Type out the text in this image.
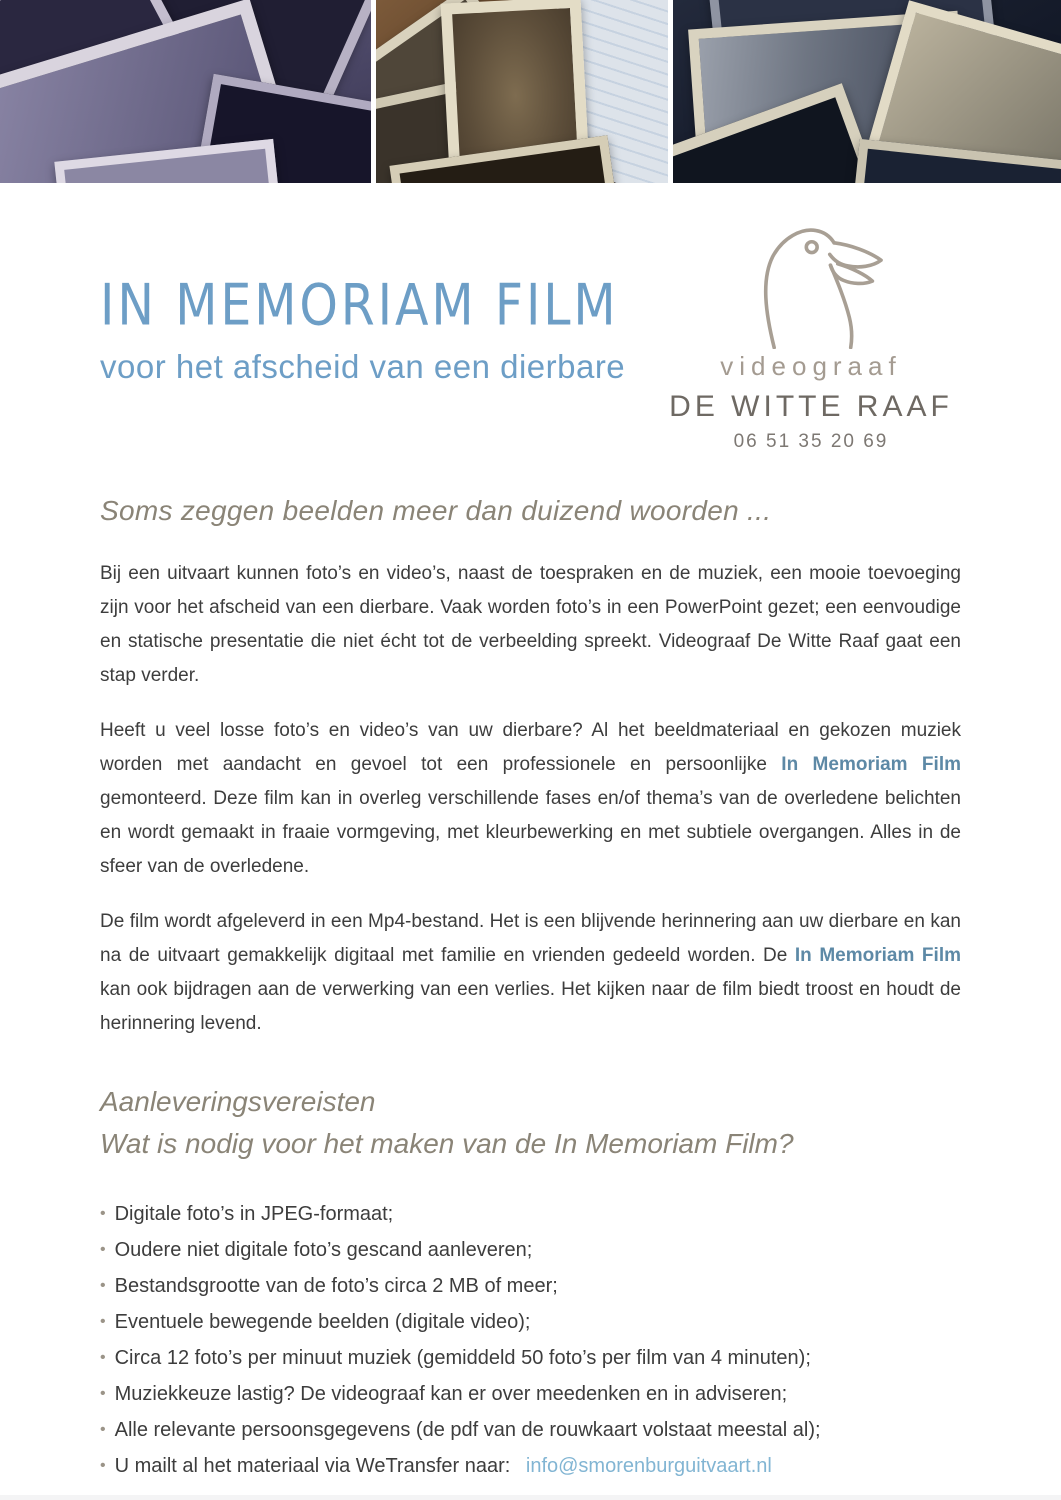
IN MEMORIAM FILM
voor het afscheid van een dierbare	videograaf
DE WITTE RAAF
06 51 35 20 69

Soms zeggen beelden meer dan duizend woorden ...

Bij een uitvaart kunnen foto’s en video’s, naast de toespraken en de muziek, een mooie toevoeging zijn voor het afscheid van een dierbare. Vaak worden foto’s in een PowerPoint gezet; een eenvoudige en statische presentatie die niet écht tot de verbeelding spreekt. Videograaf De Witte Raaf gaat een stap verder.

Heeft u veel losse foto’s en video’s van uw dierbare? Al het beeldmateriaal en gekozen muziek worden met aandacht en gevoel tot een professionele en persoonlijke In Memoriam Film gemonteerd. Deze film kan in overleg verschillende fases en/of thema’s van de overledene belichten en wordt gemaakt in fraaie vormgeving, met kleurbewerking en met subtiele overgangen. Alles in de sfeer van de overledene.

De film wordt afgeleverd in een Mp4-bestand. Het is een blijvende herinnering aan uw dierbare en kan na de uitvaart gemakkelijk digitaal met familie en vrienden gedeeld worden. De In Memoriam Film kan ook bijdragen aan de verwerking van een verlies. Het kijken naar de film biedt troost en houdt de herinnering levend.

Aanleveringsvereisten
Wat is nodig voor het maken van de In Memoriam Film?
• Digitale foto’s in JPEG-formaat;
• Oudere niet digitale foto’s gescand aanleveren;
• Bestandsgrootte van de foto’s circa 2 MB of meer;
• Eventuele bewegende beelden (digitale video);
• Circa 12 foto’s per minuut muziek (gemiddeld 50 foto’s per film van 4 minuten);
• Muziekkeuze lastig? De videograaf kan er over meedenken en in adviseren;
• Alle relevante persoonsgegevens (de pdf van de rouwkaart volstaat meestal al);
• U mailt al het materiaal via WeTransfer naar: info@smorenburguitvaart.nl
